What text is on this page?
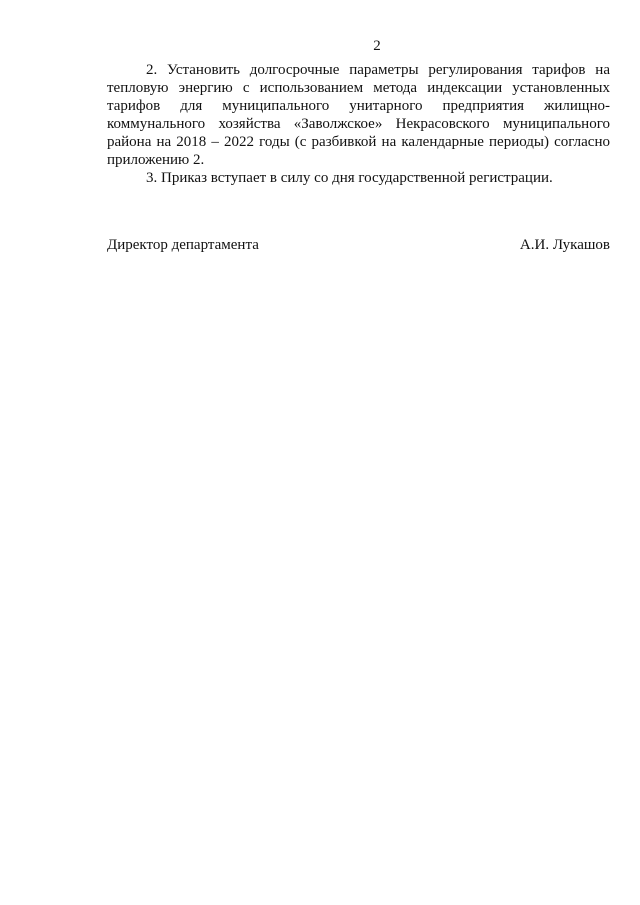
2

2. Установить долгосрочные параметры регулирования тарифов на тепловую энергию с использованием метода индексации установленных тарифов для муниципального унитарного предприятия жилищно-коммунального хозяйства «Заволжское» Некрасовского муниципального района на 2018 – 2022 годы (с разбивкой на календарные периоды) согласно приложению 2.

3. Приказ вступает в силу со дня государственной регистрации.

Директор департамента	А.И. Лукашов
